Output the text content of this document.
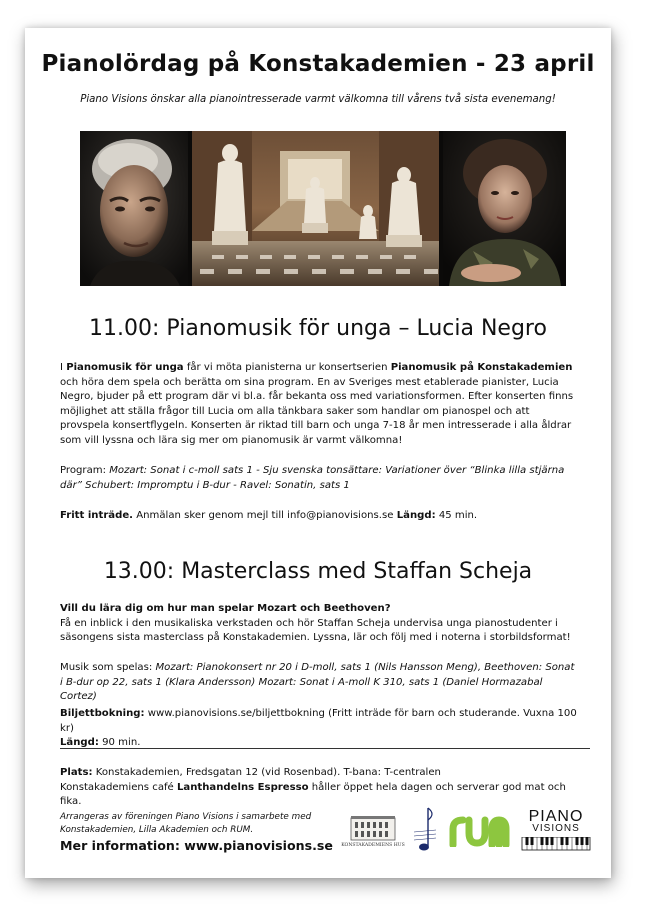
Pianolördag på Konstakademien - 23 april
Piano Visions önskar alla pianointresserade varmt välkomna till vårens två sista evenemang!
11.00: Pianomusik för unga – Lucia Negro

I Pianomusik för unga får vi möta pianisterna ur konsertserien Pianomusik på Konstakademien och höra dem spela och berätta om sina program. En av Sveriges mest etablerade pianister, Lucia Negro, bjuder på ett program där vi bl.a. får bekanta oss med variationsformen. Efter konserten finns möjlighet att ställa frågor till Lucia om alla tänkbara saker som handlar om pianospel och att provspela konsertflygeln. Konserten är riktad till barn och unga 7-18 år men intresserade i alla åldrar som vill lyssna och lära sig mer om pianomusik är varmt välkomna!

Program: Mozart: Sonat i c-moll sats 1 - Sju svenska tonsättare: Variationer över “Blinka lilla stjärna där” Schubert: Impromptu i B-dur - Ravel: Sonatin, sats 1

Fritt inträde. Anmälan sker genom mejl till info@pianovisions.se Längd: 45 min.

13.00: Masterclass med Staffan Scheja

Vill du lära dig om hur man spelar Mozart och Beethoven?

Få en inblick i den musikaliska verkstaden och hör Staffan Scheja undervisa unga pianostudenter i säsongens sista masterclass på Konstakademien. Lyssna, lär och följ med i noterna i storbildsformat!

Musik som spelas: Mozart: Pianokonsert nr 20 i D-moll, sats 1 (Nils Hansson Meng), Beethoven: Sonat i B-dur op 22, sats 1 (Klara Andersson) Mozart: Sonat i A-moll K 310, sats 1 (Daniel Hormazabal Cortez)

Biljettbokning: www.pianovisions.se/biljettbokning (Fritt inträde för barn och studerande. Vuxna 100 kr)

Längd: 90 min.

Plats: Konstakademien, Fredsgatan 12 (vid Rosenbad). T-bana: T-centralen

Konstakademiens café Lanthandelns Espresso håller öppet hela dagen och serverar god mat och fika.

Arrangeras av föreningen Piano Visions i samarbete med Konstakademien, Lilla Akademien och RUM.
Mer information: www.pianovisions.se	KONSTAKADEMIENS HUS
PIANO
VISIONS
